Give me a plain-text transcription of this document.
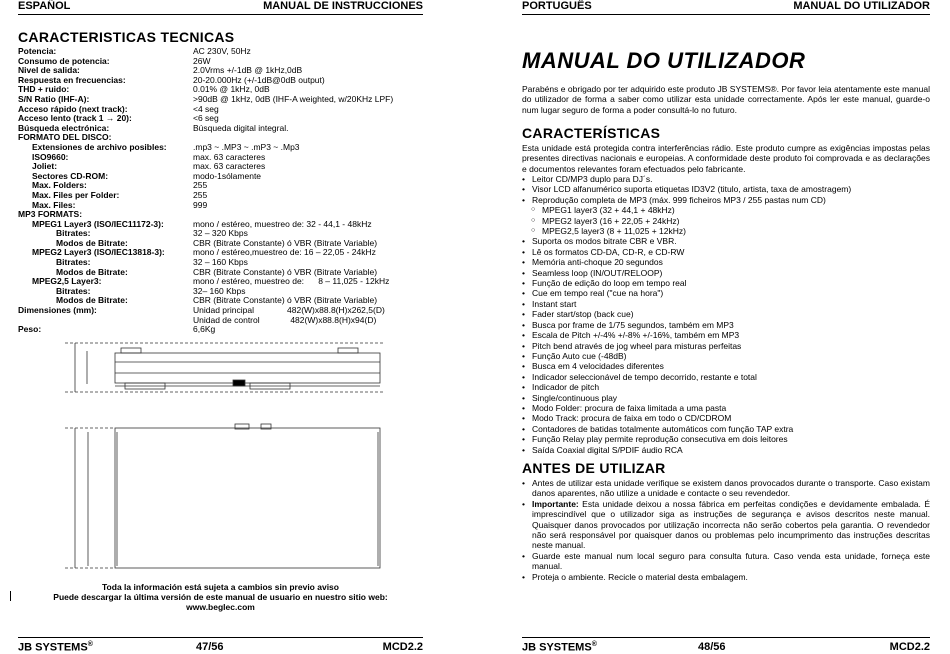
ESPAÑOL	MANUAL DE INSTRUCCIONES
CARACTERISTICAS TECNICAS
Potencia:	AC 230V, 50Hz
Consumo de potencia:	26W
Nivel de salida:	2.0Vrms +/-1dB @ 1kHz,0dB
Respuesta en frecuencias:	20-20.000Hz (+/-1dB@0dB output)
THD + ruido:	0.01% @ 1kHz, 0dB
S/N Ratio (IHF-A):	>90dB @ 1kHz, 0dB (IHF-A weighted, w/20KHz LPF)
Acceso rápido (next track):	<4 seg
Acceso lento (track 1 → 20):	<6 seg
Búsqueda electrónica:	Búsqueda digital integral.
FORMATO DEL DISCO:
Extensiones de archivo posibles:	.mp3 ~ .MP3 ~ .mP3 ~ .Mp3
ISO9660:	max. 63 caracteres
Joliet:	max. 63 caracteres
Sectores CD-ROM:	modo-1sólamente
Max. Folders:	255
Max. Files per Folder:	255
Max. Files:	999
MP3 FORMATS:
MPEG1 Layer3 (ISO/IEC11172-3):	mono / estéreo, muestreo de: 32 - 44,1 - 48kHz
Bitrates:	32 – 320 Kbps
Modos de Bitrate:	CBR (Bitrate Constante) ó VBR (Bitrate Variable)
MPEG2 Layer3 (ISO/IEC13818-3):	mono / estéreo,muestreo de: 16 – 22,05 - 24kHz
Bitrates:	32 – 160 Kbps
Modos de Bitrate:	CBR (Bitrate Constante) ó VBR (Bitrate Variable)
MPEG2,5 Layer3:	mono / estéreo, muestreo de:      8 – 11,025 - 12kHz
Bitrates:	32– 160 Kbps
Modos de Bitrate:	CBR (Bitrate Constante) ó VBR (Bitrate Variable)
Dimensiones (mm):	Unidad principal              482(W)x88.8(H)x262,5(D)
Unidad de control             482(W)x88.8(H)x94(D)
Peso:	6,6Kg
Toda la información está sujeta a cambios sin previo aviso
Puede descargar la última versión de este manual de usuario en nuestro sitio web: www.beglec.com
JB SYSTEMS®	47/56	MCD2.2
PORTUGUÊS	MANUAL DO UTILIZADOR
JB SYSTEMS®	48/56	MCD2.2
MANUAL DO UTILIZADOR
Parabéns e obrigado por ter adquirido este produto JB SYSTEMS®. Por favor leia atentamente este manual do utilizador de forma a saber como utilizar esta unidade correctamente. Após ler este manual, guarde-o num lugar seguro de forma a poder consultá-lo no futuro.
CARACTERÍSTICAS
Esta unidade está protegida contra interferências rádio. Este produto cumpre as exigências impostas pelas presentes directivas nacionais e europeias. A conformidade deste produto foi comprovada e as declarações e documentos relevantes foram efectuados pelo fabricante.
• Leitor CD/MP3 duplo para DJ´s.
• Visor LCD alfanumérico suporta etiquetas ID3V2 (titulo, artista, taxa de amostragem)
• Reprodução completa de MP3 (máx. 999 ficheiros MP3 / 255 pastas num CD)
○ MPEG1 layer3 (32 + 44,1 + 48kHz)
○ MPEG2 layer3 (16 + 22,05 + 24kHz)
○ MPEG2,5 layer3 (8 + 11,025 + 12kHz)
• Suporta os modos bitrate CBR e VBR.
• Lê os formatos CD-DA, CD-R, e CD-RW
• Memória anti-choque 20 segundos
• Seamless loop (IN/OUT/RELOOP)
• Função de edição do loop em tempo real
• Cue em tempo real ("cue na hora")
• Instant start
• Fader start/stop (back cue)
• Busca por frame de 1/75 segundos, também em MP3
• Escala de Pitch +/-4% +/-8% +/-16%, também em MP3
• Pitch bend através de jog wheel para misturas perfeitas
• Função Auto cue (-48dB)
• Busca em 4 velocidades diferentes
• Indicador seleccionável de tempo decorrido, restante e total
• Indicador de pitch
• Single/continuous play
• Modo Folder: procura de faixa limitada a uma pasta
• Modo Track: procura de faixa em todo o CD/CDROM
• Contadores de batidas totalmente automáticos com função TAP extra
• Função Relay play permite reprodução consecutiva em dois leitores
• Saída Coaxial digital S/PDIF áudio RCA
ANTES DE UTILIZAR
• Antes de utilizar esta unidade verifique se existem danos provocados durante o transporte. Caso existam danos aparentes, não utilize a unidade e contacte o seu revendedor.
• Importante: Esta unidade deixou a nossa fábrica em perfeitas condições e devidamente embalada. É imprescindível que o utilizador siga as instruções de segurança e avisos descritos neste manual. Quaisquer danos provocados por utilização incorrecta não serão cobertos pela garantia. O revendedor não será responsável por quaisquer danos ou problemas pelo incumprimento das instruções descritas neste manual.
• Guarde este manual num local seguro para consulta futura. Caso venda esta unidade, forneça este manual.
• Proteja o ambiente. Recicle o material desta embalagem.
